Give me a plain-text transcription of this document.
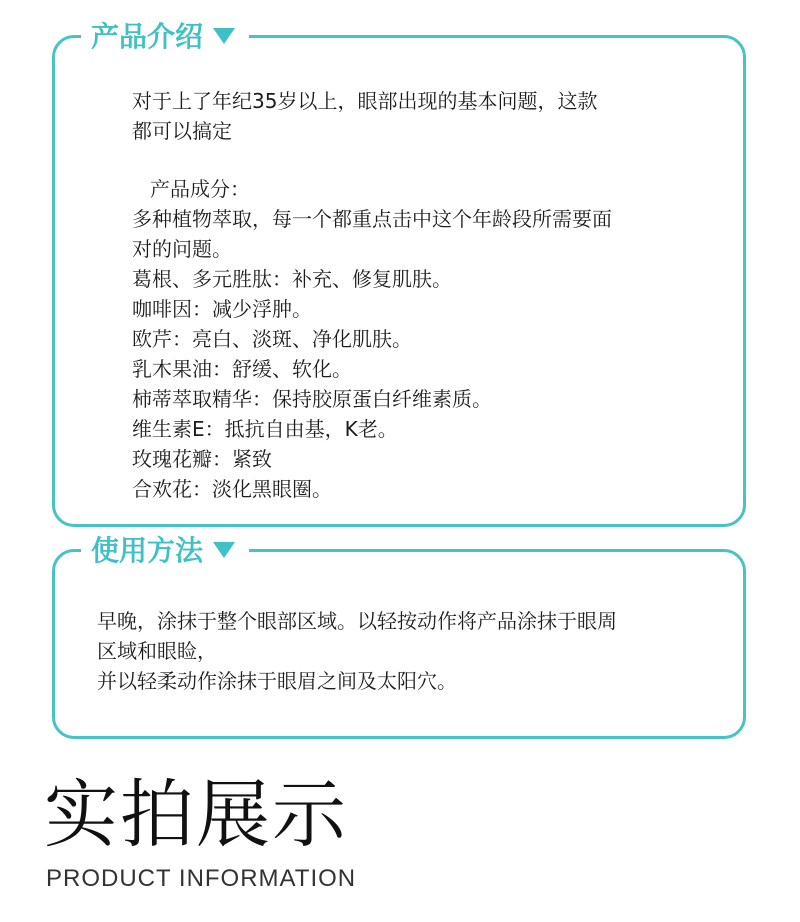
产品介绍
对于上了年纪35岁以上，眼部出现的基本问题，这款
都可以搞定
产品成分：
多种植物萃取，每一个都重点击中这个年龄段所需要面
对的问题。
葛根、多元胜肽：补充、修复肌肤。
咖啡因：减少浮肿。
欧芹：亮白、淡斑、净化肌肤。
乳木果油：舒缓、软化。
柿蒂萃取精华：保持胶原蛋白纤维素质。
维生素E：抵抗自由基，K老。
玫瑰花瓣：紧致
合欢花：淡化黑眼圈。
使用方法
早晚，涂抹于整个眼部区域。以轻按动作将产品涂抹于眼周
区域和眼睑，
并以轻柔动作涂抹于眼眉之间及太阳穴。
实拍展示
PRODUCT INFORMATION
